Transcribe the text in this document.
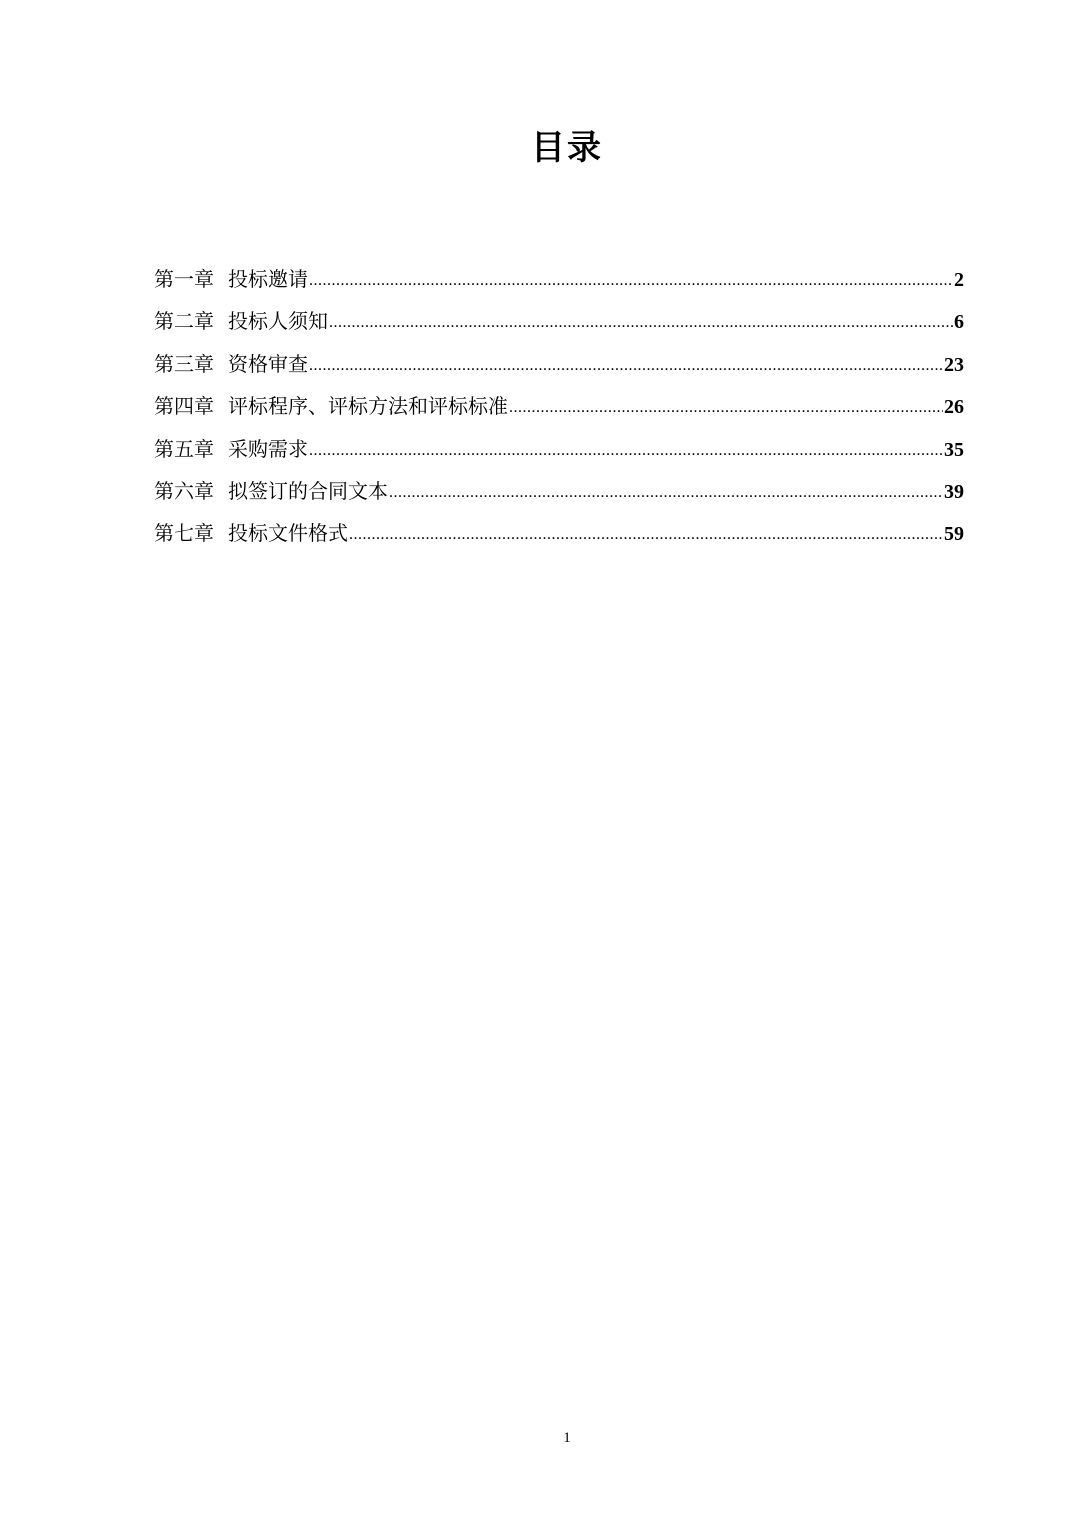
目录
第一章 投标邀请 .....	2
第二章 投标人须知 .....	6
第三章 资格审查 .....	23
第四章 评标程序、评标方法和评标标准 .....	26
第五章 采购需求 .....	35
第六章 拟签订的合同文本 .....	39
第七章 投标文件格式 .....	59
1
